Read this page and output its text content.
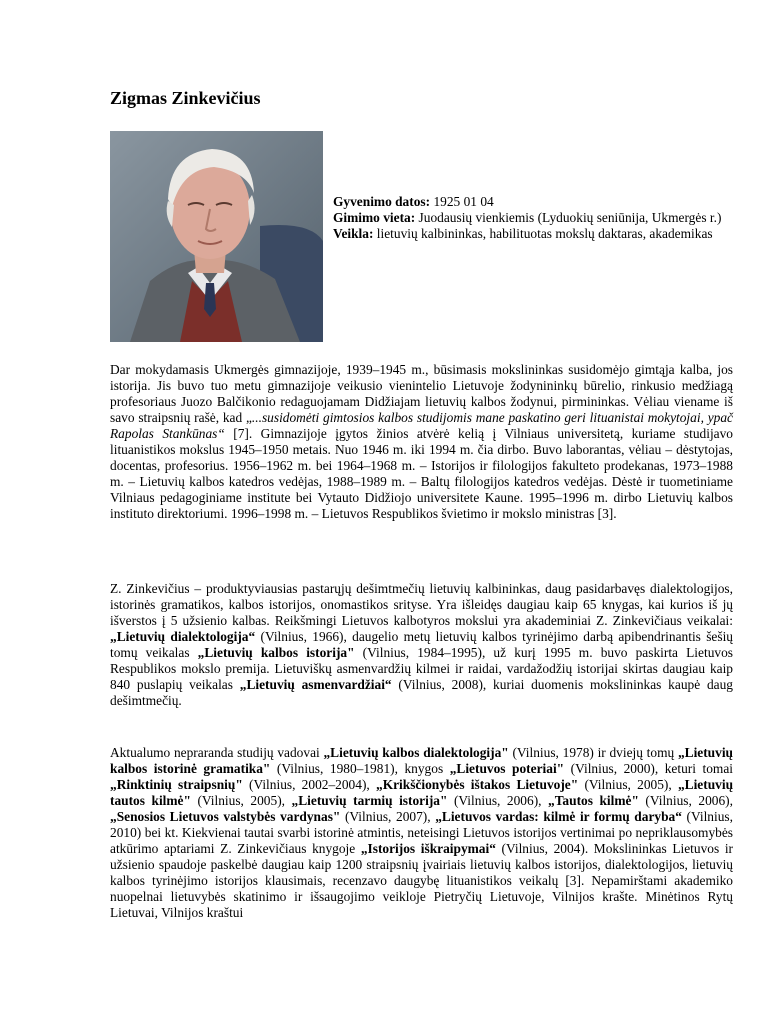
Zigmas Zinkevičius

Gyvenimo datos: 1925 01 04

Gimimo vieta: Juodausių vienkiemis (Lyduokių seniūnija, Ukmergės r.)

Veikla: lietuvių kalbininkas, habilituotas mokslų daktaras, akademikas

Dar mokydamasis Ukmergės gimnazijoje, 1939–1945 m., būsimasis mokslininkas susidomėjo gimtąja kalba, jos istorija. Jis buvo tuo metu gimnazijoje veikusio vienintelio Lietuvoje žodynininkų būrelio, rinkusio medžiagą profesoriaus Juozo Balčikonio redaguojamam Didžiajam lietuvių kalbos žodynui, pirmininkas. Vėliau viename iš savo straipsnių rašė, kad „...susidomėti gimtosios kalbos studijomis mane paskatino geri lituanistai mokytojai, ypač Rapolas Stankūnas“ [7]. Gimnazijoje įgytos žinios atvėrė kelią į Vilniaus universitetą, kuriame studijavo lituanistikos mokslus 1945–1950 metais. Nuo 1946 m. iki 1994 m. čia dirbo. Buvo laborantas, vėliau – dėstytojas, docentas, profesorius. 1956–1962 m. bei 1964–1968 m. – Istorijos ir filologijos fakulteto prodekanas, 1973–1988 m. – Lietuvių kalbos katedros vedėjas, 1988–1989 m. – Baltų filologijos katedros vedėjas. Dėstė ir tuometiniame Vilniaus pedagoginiame institute bei Vytauto Didžiojo universitete Kaune. 1995–1996 m. dirbo Lietuvių kalbos instituto direktoriumi. 1996–1998 m. – Lietuvos Respublikos švietimo ir mokslo ministras [3].
Z. Zinkevičius – produktyviausias pastarųjų dešimtmečių lietuvių kalbininkas, daug pasidarbavęs dialektologijos, istorinės gramatikos, kalbos istorijos, onomastikos srityse. Yra išleidęs daugiau kaip 65 knygas, kai kurios iš jų išverstos į 5 užsienio kalbas. Reikšmingi Lietuvos kalbotyros mokslui yra akademiniai Z. Zinkevičiaus veikalai: „Lietuvių dialektologija“ (Vilnius, 1966), daugelio metų lietuvių kalbos tyrinėjimo darbą apibendrinantis šešių tomų veikalas „Lietuvių kalbos istorija" (Vilnius, 1984–1995), už kurį 1995 m. buvo paskirta Lietuvos Respublikos mokslo premija. Lietuviškų asmenvardžių kilmei ir raidai, vardažodžių istorijai skirtas daugiau kaip 840 puslapių veikalas „Lietuvių asmenvardžiai“ (Vilnius, 2008), kuriai duomenis mokslininkas kaupė daug dešimtmečių.
Aktualumo nepraranda studijų vadovai „Lietuvių kalbos dialektologija" (Vilnius, 1978) ir dviejų tomų „Lietuvių kalbos istorinė gramatika" (Vilnius, 1980–1981), knygos „Lietuvos poteriai" (Vilnius, 2000), keturi tomai „Rinktinių straipsnių" (Vilnius, 2002–2004), „Krikščionybės ištakos Lietuvoje" (Vilnius, 2005), „Lietuvių tautos kilmė" (Vilnius, 2005), „Lietuvių tarmių istorija" (Vilnius, 2006), „Tautos kilmė" (Vilnius, 2006), „Senosios Lietuvos valstybės vardynas" (Vilnius, 2007), „Lietuvos vardas: kilmė ir formų daryba“ (Vilnius, 2010) bei kt. Kiekvienai tautai svarbi istorinė atmintis, neteisingi Lietuvos istorijos vertinimai po nepriklausomybės atkūrimo aptariami Z. Zinkevičiaus knygoje „Istorijos iškraipymai“ (Vilnius, 2004). Mokslininkas Lietuvos ir užsienio spaudoje paskelbė daugiau kaip 1200 straipsnių įvairiais lietuvių kalbos istorijos, dialektologijos, lietuvių kalbos tyrinėjimo istorijos klausimais, recenzavo daugybę lituanistikos veikalų [3]. Nepamirštami akademiko nuopelnai lietuvybės skatinimo ir išsaugojimo veikloje Pietryčių Lietuvoje, Vilnijos krašte. Minėtinos Rytų Lietuvai, Vilnijos kraštui
